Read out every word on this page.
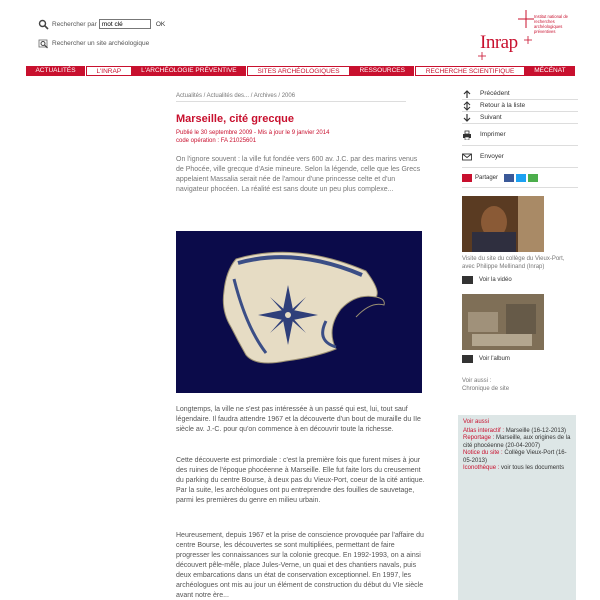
Rechercher par
mot clé	OK
Rechercher un site archéologique	Inrap
Institut national de recherches archéologiques préventives
ACTUALITÉS	L'INRAP	L'ARCHÉOLOGIE PRÉVENTIVE	SITES ARCHÉOLOGIQUES	RESSOURCES	RECHERCHE SCIENTIFIQUE	MÉCÉNAT
Actualités / Actualités des... / Archives / 2006
Marseille, cité grecque
Publié le 30 septembre 2009 - Mis à jour le 9 janvier 2014
code opération : FA 21025601
On l'ignore souvent : la ville fut fondée vers 600 av. J.C. par des marins venus de Phocée, ville grecque d'Asie mineure. Selon la légende, celle que les Grecs appelaient Massalia serait née de l'amour d'une princesse celte et d'un navigateur phocéen. La réalité est sans doute un peu plus complexe...
Longtemps, la ville ne s'est pas intéressée à un passé qui est, lui, tout sauf légendaire. Il faudra attendre 1967 et la découverte d'un bout de muraille du IIe siècle av. J.-C. pour qu'on commence à en découvrir toute la richesse.
Cette découverte est primordiale : c'est la première fois que furent mises à jour des ruines de l'époque phocéenne à Marseille. Elle fut faite lors du creusement du parking du centre Bourse, à deux pas du Vieux-Port, coeur de la cité antique. Par la suite, les archéologues ont pu entreprendre des fouilles de sauvetage, parmi les premières du genre en milieu urbain.
Heureusement, depuis 1967 et la prise de conscience provoquée par l'affaire du centre Bourse, les découvertes se sont multipliées, permettant de faire progresser les connaissances sur la colonie grecque. En 1992-1993, on a ainsi découvert pêle-mêle, place Jules-Verne, un quai et des chantiers navals, puis deux embarcations dans un état de conservation exceptionnel. En 1997, les archéologues ont mis au jour un élément de construction du début du VIe siècle avant notre ère...
Précédent
Retour à la liste
Suivant
Imprimer
Envoyer
Partager
Visite du site du collège du Vieux-Port, avec Philippe Mellinand (Inrap)
Voir la vidéo
Voir l'album
Voir aussi :
Chronique de site
Voir aussi
Atlas interactif : Marseille (16-12-2013)
Reportage : Marseille, aux origines de la cité phocéenne (20-04-2007)
Notice du site : Collège Vieux-Port (16-05-2013)
Iconothèque : voir tous les documents
